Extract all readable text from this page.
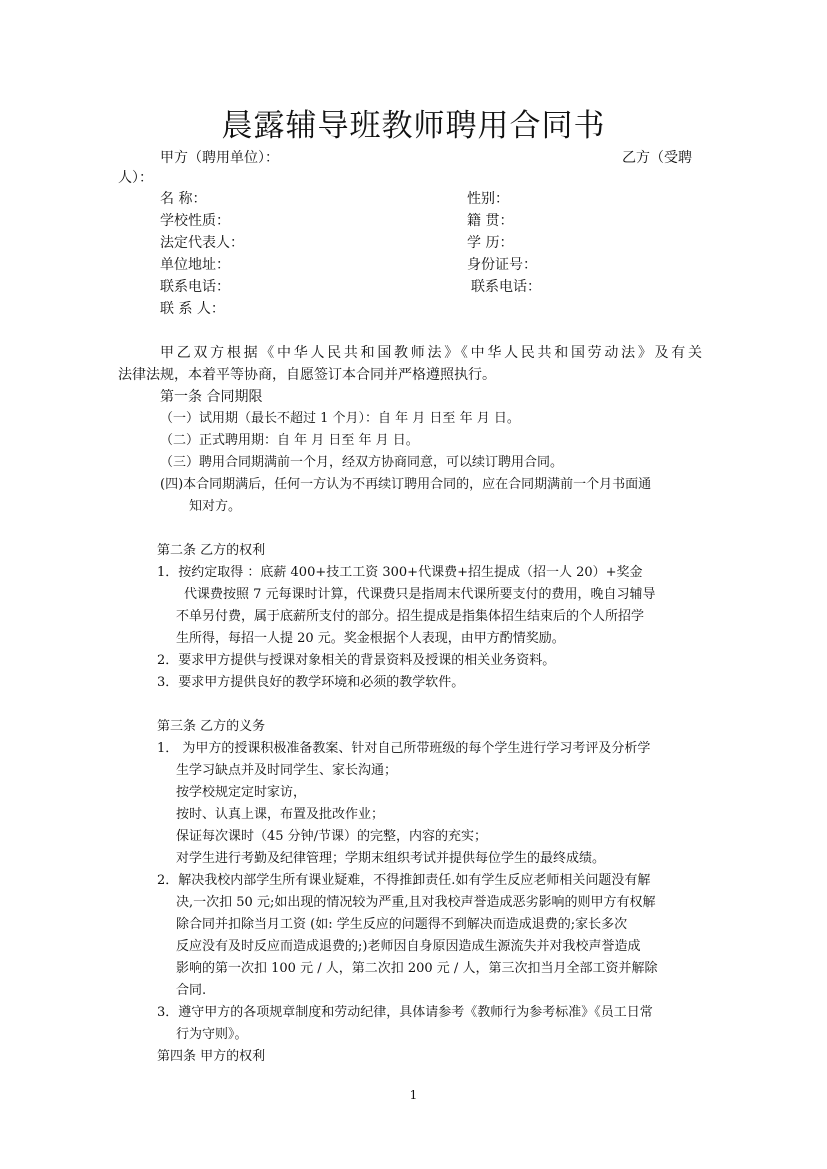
晨露辅导班教师聘用合同书
甲方（聘用单位）：	乙方（受聘
人）：
名 称：
学校性质：
法定代表人：
单位地址：
联系电话：
联 系 人：
性别：
籍 贯：
学 历：
身份证号：
联系电话：
甲乙双方根据《中华人民共和国教师法》《中华人民共和国劳动法》及有关
法律法规，本着平等协商，自愿签订本合同并严格遵照执行。
第一条 合同期限
（一）试用期（最长不超过 1 个月）：自 年 月 日至 年 月 日。
（二）正式聘用期：自 年 月 日至 年 月 日。
（三）聘用合同期满前一个月，经双方协商同意，可以续订聘用合同。
(四)本合同期满后，任何一方认为不再续订聘用合同的，应在合同期满前一个月书面通
知对方。
第二条 乙方的权利
1．按约定取得 ：底薪 400+技工工资 300+代课费+招生提成（招一人 20）+奖金
代课费按照 7 元每课时计算，代课费只是指周末代课所要支付的费用，晚自习辅导
不单另付费，属于底薪所支付的部分。招生提成是指集体招生结束后的个人所招学
生所得，每招一人提 20 元。奖金根据个人表现，由甲方酌情奖励。
2．要求甲方提供与授课对象相关的背景资料及授课的相关业务资料。
3．要求甲方提供良好的教学环境和必须的教学软件。
第三条 乙方的义务
1． 为甲方的授课积极准备教案、针对自己所带班级的每个学生进行学习考评及分析学
生学习缺点并及时同学生、家长沟通；
按学校规定定时家访，
按时、认真上课，布置及批改作业；
保证每次课时（45 分钟/节课）的完整，内容的充实；
对学生进行考勤及纪律管理；学期末组织考试并提供每位学生的最终成绩。
2．解决我校内部学生所有课业疑难，不得推卸责任.如有学生反应老师相关问题没有解
决,一次扣 50 元;如出现的情况较为严重,且对我校声誉造成恶劣影响的则甲方有权解
除合同并扣除当月工资 (如: 学生反应的问题得不到解决而造成退费的;家长多次
反应没有及时反应而造成退费的;)老师因自身原因造成生源流失并对我校声誉造成
影响的第一次扣 100 元 / 人，第二次扣 200 元 / 人，第三次扣当月全部工资并解除
合同.
3．遵守甲方的各项规章制度和劳动纪律，具体请参考《教师行为参考标准》《员工日常
行为守则》。
第四条 甲方的权利
1
